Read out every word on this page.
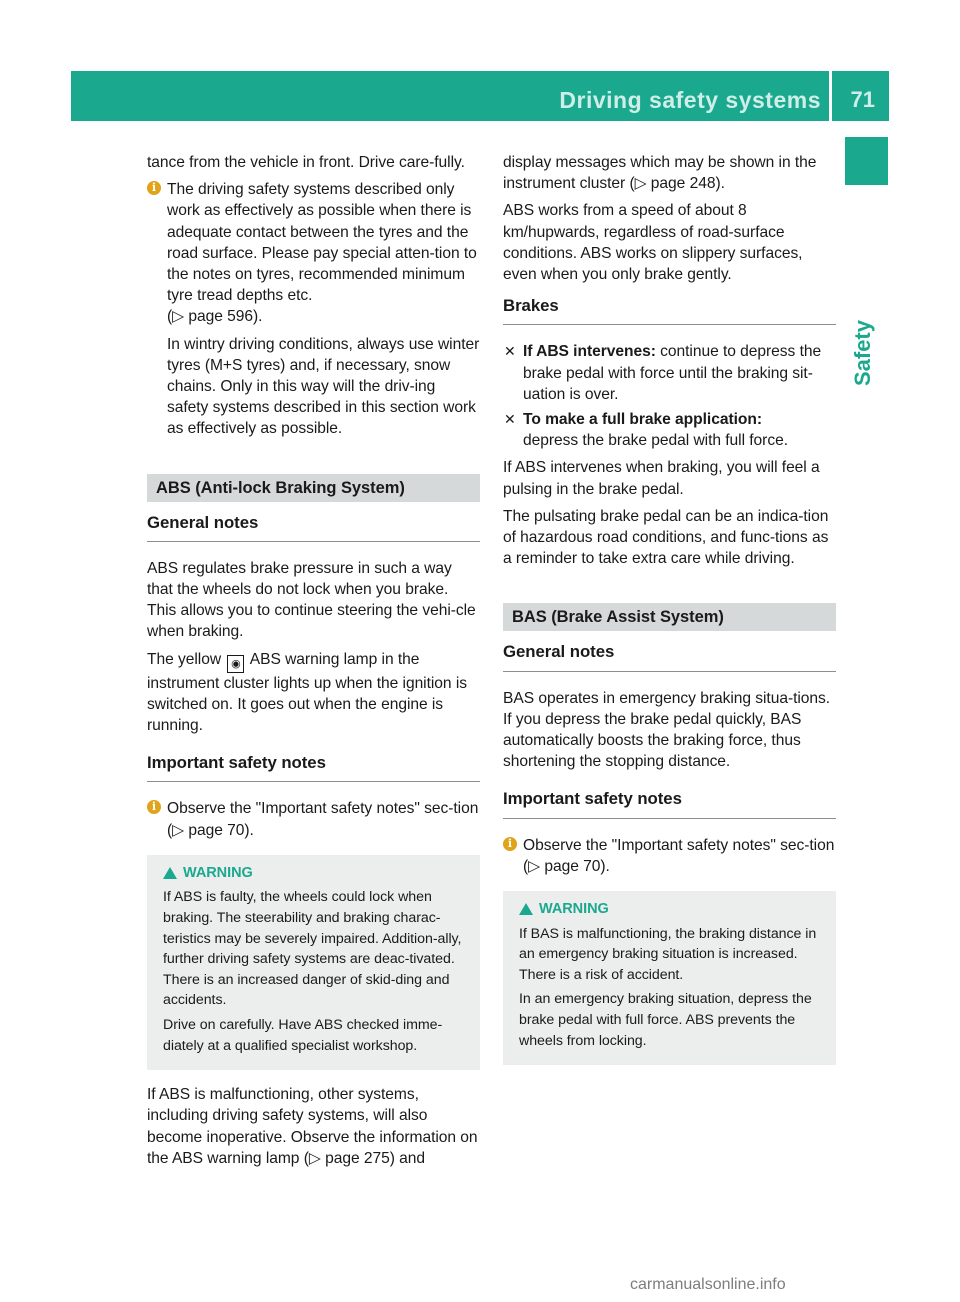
Driving safety systems 71
Safety

tance from the vehicle in front. Drive care-fully.

i The driving safety systems described only work as effectively as possible when there is adequate contact between the tyres and the road surface. Please pay special atten-tion to the notes on tyres, recommended minimum tyre tread depths etc.

(▷ page 596).

In wintry driving conditions, always use winter tyres (M+S tyres) and, if necessary, snow chains. Only in this way will the driv-ing safety systems described in this section work as effectively as possible.

ABS (Anti-lock Braking System)
General notes

ABS regulates brake pressure in such a way that the wheels do not lock when you brake. This allows you to continue steering the vehi-cle when braking.

The yellow ◉ ABS warning lamp in the instrument cluster lights up when the ignition is switched on. It goes out when the engine is running.

Important safety notes
i Observe the "Important safety notes" sec-tion (▷ page 70).

WARNING

If ABS is faulty, the wheels could lock when braking. The steerability and braking charac-teristics may be severely impaired. Addition-ally, further driving safety systems are deac-tivated. There is an increased danger of skid-ding and accidents.

Drive on carefully. Have ABS checked imme-diately at a qualified specialist workshop.

If ABS is malfunctioning, other systems, including driving safety systems, will also become inoperative. Observe the information on the ABS warning lamp (▷ page 275) and

display messages which may be shown in the instrument cluster (▷ page 248).

ABS works from a speed of about 8 km/hupwards, regardless of road-surface conditions. ABS works on slippery surfaces, even when you only brake gently.

Brakes
✕ If ABS intervenes: continue to depress the brake pedal with force until the braking sit-uation is over.

✕ To make a full brake application:

depress the brake pedal with full force.

If ABS intervenes when braking, you will feel a pulsing in the brake pedal.

The pulsating brake pedal can be an indica-tion of hazardous road conditions, and func-tions as a reminder to take extra care while driving.

BAS (Brake Assist System)
General notes

BAS operates in emergency braking situa-tions. If you depress the brake pedal quickly, BAS automatically boosts the braking force, thus shortening the stopping distance.

Important safety notes
i Observe the "Important safety notes" sec-tion (▷ page 70).

WARNING

If BAS is malfunctioning, the braking distance in an emergency braking situation is increased. There is a risk of accident.

In an emergency braking situation, depress the brake pedal with full force. ABS prevents the wheels from locking.

carmanualsonline.info
